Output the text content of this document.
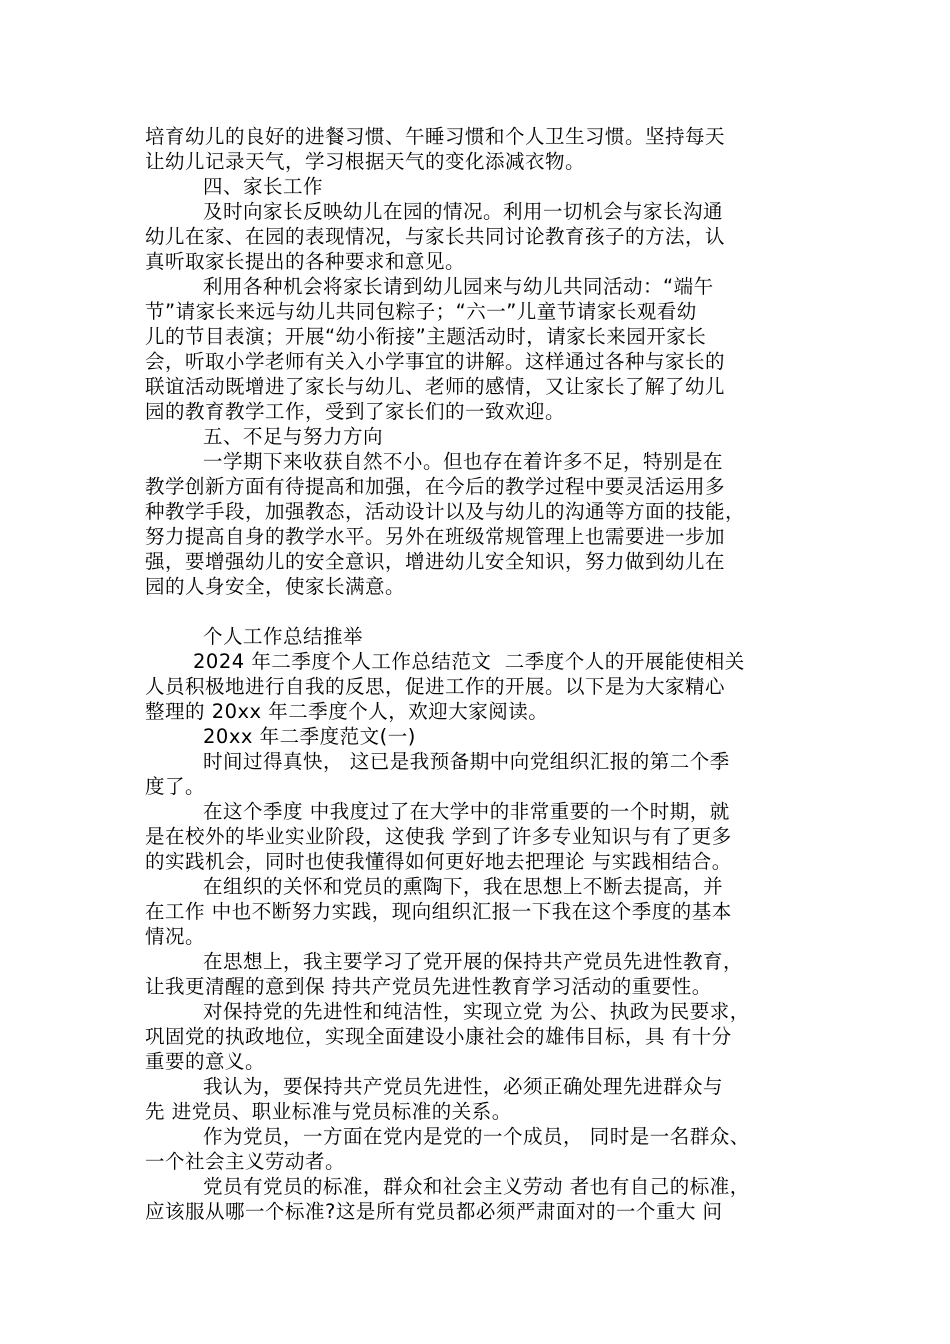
培育幼儿的良好的进餐习惯、午睡习惯和个人卫生习惯。坚持每天
让幼儿记录天气，学习根据天气的变化添减衣物。
四、家长工作
及时向家长反映幼儿在园的情况。利用一切机会与家长沟通
幼儿在家、在园的表现情况，与家长共同讨论教育孩子的方法，认
真听取家长提出的各种要求和意见。
利用各种机会将家长请到幼儿园来与幼儿共同活动：“端午
节”请家长来远与幼儿共同包粽子；“六一”儿童节请家长观看幼
儿的节目表演；开展“幼小衔接”主题活动时，请家长来园开家长
会，听取小学老师有关入小学事宜的讲解。这样通过各种与家长的
联谊活动既增进了家长与幼儿、老师的感情，又让家长了解了幼儿
园的教育教学工作，受到了家长们的一致欢迎。
五、不足与努力方向
一学期下来收获自然不小。但也存在着许多不足，特别是在
教学创新方面有待提高和加强，在今后的教学过程中要灵活运用多
种教学手段，加强教态，活动设计以及与幼儿的沟通等方面的技能，
努力提高自身的教学水平。另外在班级常规管理上也需要进一步加
强，要增强幼儿的安全意识，增进幼儿安全知识，努力做到幼儿在
园的人身安全，使家长满意。
个人工作总结推举
2024 年二季度个人工作总结范文  二季度个人的开展能使相关
人员积极地进行自我的反思，促进工作的开展。以下是为大家精心
整理的 20xx 年二季度个人，欢迎大家阅读。
20xx 年二季度范文(一)
时间过得真快， 这已是我预备期中向党组织汇报的第二个季
度了。
在这个季度 中我度过了在大学中的非常重要的一个时期，就
是在校外的毕业实业阶段，这使我 学到了许多专业知识与有了更多
的实践机会，同时也使我懂得如何更好地去把理论 与实践相结合。
在组织的关怀和党员的熏陶下，我在思想上不断去提高，并
在工作 中也不断努力实践，现向组织汇报一下我在这个季度的基本
情况。
在思想上，我主要学习了党开展的保持共产党员先进性教育，
让我更清醒的意到保 持共产党员先进性教育学习活动的重要性。
对保持党的先进性和纯洁性，实现立党 为公、执政为民要求，
巩固党的执政地位，实现全面建设小康社会的雄伟目标，具 有十分
重要的意义。
我认为，要保持共产党员先进性，必须正确处理先进群众与
先 进党员、职业标准与党员标准的关系。
作为党员，一方面在党内是党的一个成员， 同时是一名群众、
一个社会主义劳动者。
党员有党员的标准，群众和社会主义劳动 者也有自己的标准，
应该服从哪一个标准?这是所有党员都必须严肃面对的一个重大 问
